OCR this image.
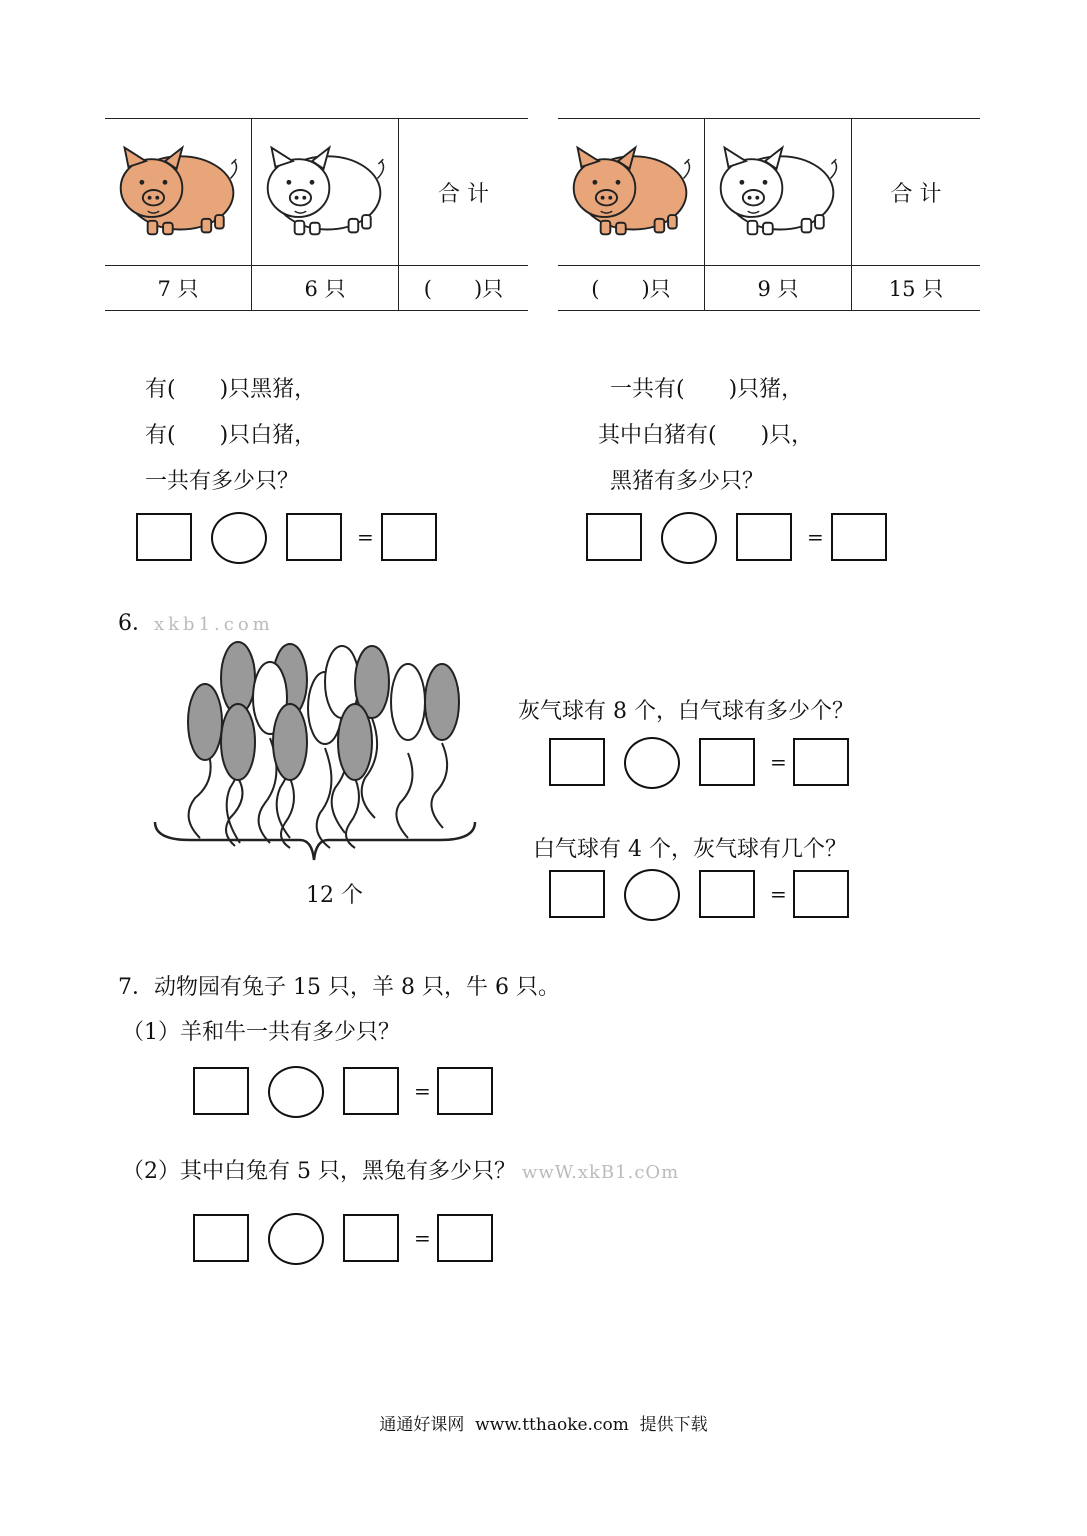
		合 计
7 只	6 只	(　　)只
		合 计
(　　)只	9 只	15 只
有(　　)只黑猪，
有(　　)只白猪，
一共有多少只？
一共有(　　)只猪，
其中白猪有(　　)只，
黑猪有多少只？
=	=
6．xkb1.com
12 个
灰气球有 8 个，白气球有多少个？
=
白气球有 4 个，灰气球有几个？
=
7．动物园有兔子 15 只，羊 8 只，牛 6 只。
（1）羊和牛一共有多少只？
=
（2）其中白兔有 5 只，黑兔有多少只？ wwW.xkB1.cOm
=
通通好课网  www.tthaoke.com  提供下载
